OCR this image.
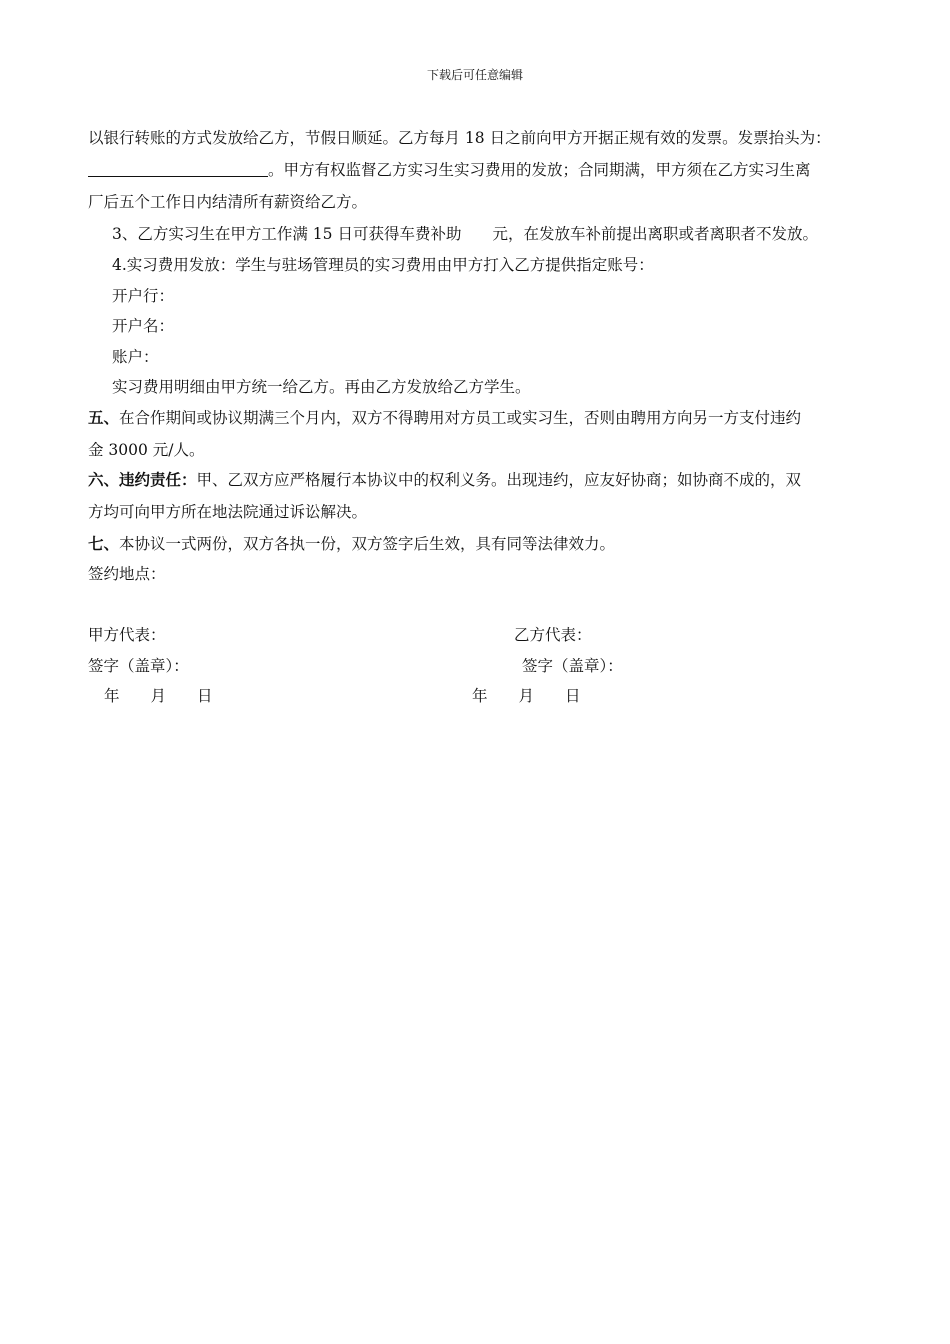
下载后可任意编辑
以银行转账的方式发放给乙方，节假日顺延。乙方每月 18 日之前向甲方开据正规有效的发票。发票抬头为：
。甲方有权监督乙方实习生实习费用的发放；合同期满，甲方须在乙方实习生离
厂后五个工作日内结清所有薪资给乙方。
3、乙方实习生在甲方工作满 15 日可获得车费补助　　元，在发放车补前提出离职或者离职者不发放。
4.实习费用发放：学生与驻场管理员的实习费用由甲方打入乙方提供指定账号：
开户行：
开户名：
账户：
实习费用明细由甲方统一给乙方。再由乙方发放给乙方学生。
五、在合作期间或协议期满三个月内，双方不得聘用对方员工或实习生，否则由聘用方向另一方支付违约
金 3000 元/人。
六、违约责任：甲、乙双方应严格履行本协议中的权利义务。出现违约，应友好协商；如协商不成的，双
方均可向甲方所在地法院通过诉讼解决。
七、本协议一式两份，双方各执一份，双方签字后生效，具有同等法律效力。
签约地点：
甲方代表：	乙方代表：
签字（盖章）：	签字（盖章）：
年　　月　　日	年　　月　　日
